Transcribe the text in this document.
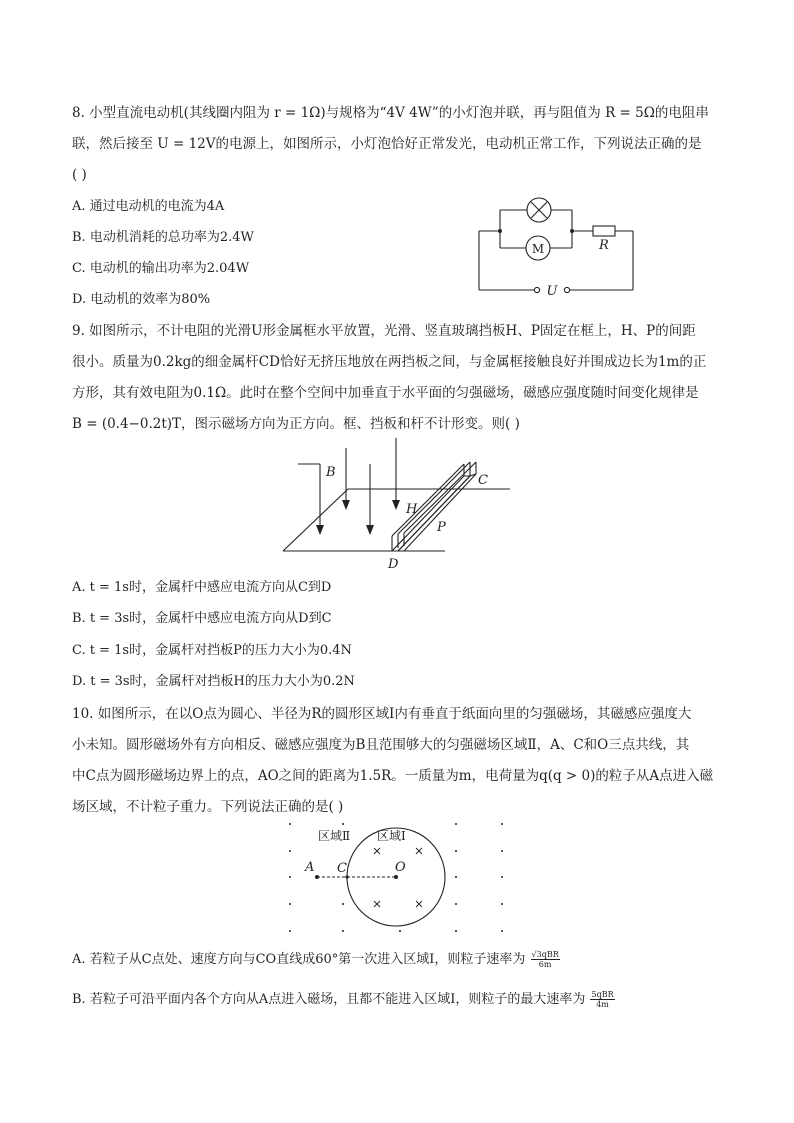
8. 小型直流电动机(其线圈内阻为 r = 1Ω)与规格为“4V 4W”的小灯泡并联，再与阻值为 R = 5Ω的电阻串
联，然后接至 U = 12V的电源上，如图所示，小灯泡恰好正常发光，电动机正常工作，下列说法正确的是
( )
A. 通过电动机的电流为4A
B. 电动机消耗的总功率为2.4W
C. 电动机的输出功率为2.04W
D. 电动机的效率为80%
M	R
U
9. 如图所示，不计电阻的光滑U形金属框水平放置，光滑、竖直玻璃挡板H、P固定在框上，H、P的间距
很小。质量为0.2kg的细金属杆CD恰好无挤压地放在两挡板之间，与金属框接触良好并围成边长为1m的正
方形，其有效电阻为0.1Ω。此时在整个空间中加垂直于水平面的匀强磁场，磁感应强度随时间变化规律是
B = (0.4−0.2t)T，图示磁场方向为正方向。框、挡板和杆不计形变。则( )
B
C
H
P
D
A. t = 1s时，金属杆中感应电流方向从C到D
B. t = 3s时，金属杆中感应电流方向从D到C
C. t = 1s时，金属杆对挡板P的压力大小为0.4N
D. t = 3s时，金属杆对挡板H的压力大小为0.2N
10. 如图所示，在以O点为圆心、半径为R的圆形区域Ⅰ内有垂直于纸面向里的匀强磁场，其磁感应强度大
小未知。圆形磁场外有方向相反、磁感应强度为B且范围够大的匀强磁场区域Ⅱ，A、C和O三点共线，其
中C点为圆形磁场边界上的点，AO之间的距离为1.5R。一质量为m，电荷量为q(q > 0)的粒子从A点进入磁
场区域，不计粒子重力。下列说法正确的是( )
区域Ⅱ 区域Ⅰ
A C	O
A. 若粒子从C点处、速度方向与CO直线成60°第一次进入区域Ⅰ，则粒子速率为 $\frac{\text{√3qBR}}{6m}$
B. 若粒子可沿平面内各个方向从A点进入磁场，且都不能进入区域Ⅰ，则粒子的最大速率为 $\frac{\text{5qBR}}{4m}$
